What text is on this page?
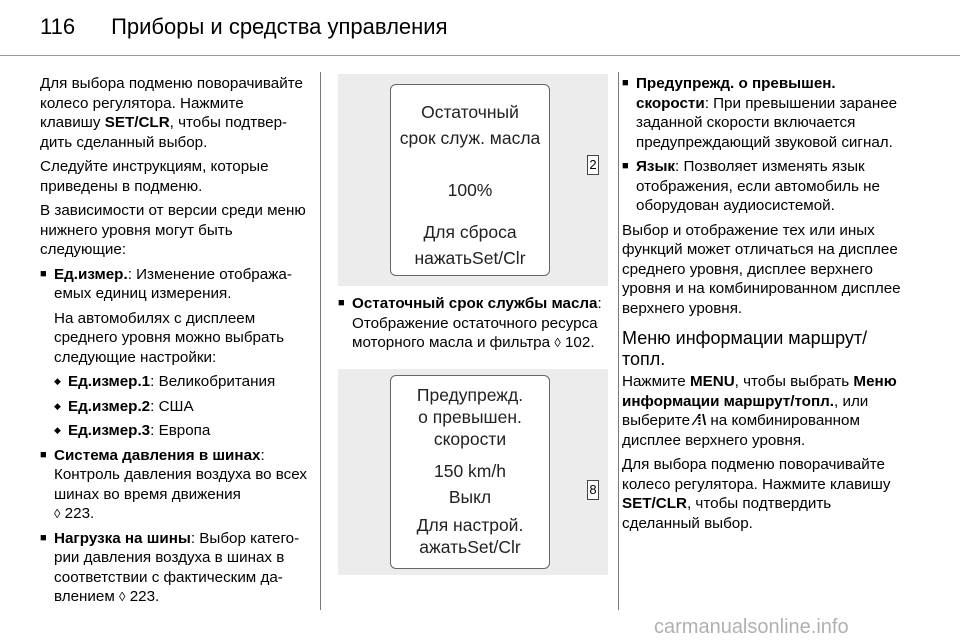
116 Приборы и средства управления

Для выбора подменю поворачивайте колесо регулятора. Нажмите клавишу SET/CLR, чтобы подтвердить сделанный выбор.

Следуйте инструкциям, которые приведены в подменю.

В зависимости от версии среди меню нижнего уровня могут быть следующие:

■ Ед.измер.: Изменение отображаемых единиц измерения.
На автомобилях с дисплеем среднего уровня можно выбрать следующие настройки:
◆ Ед.измер.1: Великобритания
◆ Ед.измер.2: США
◆ Ед.измер.3: Европа
■ Система давления в шинах: Контроль давления воздуха во всех шинах во время движения
◊ 223.
■ Нагрузка на шины: Выбор категории давления воздуха в шинах в соответствии с фактическим давлением ◊ 223.
Остаточный
срок служ. масла
2
100%
Для сброса
нажатьSet/Clr
■ Остаточный срок службы масла: Отображение остаточного ресурса моторного масла и фильтра ◊ 102.
Предупрежд.
о превышен.
скорости
150 km/h
8
Выкл
Для настрой.
ажатьSet/Clr
■ Предупрежд. о превышен. скорости: При превышении заранее заданной скорости включается предупреждающий звуковой сигнал.
■ Язык: Позволяет изменять язык отображения, если автомобиль не оборудован аудиосистемой.

Выбор и отображение тех или иных функций может отличаться на дисплее среднего уровня, дисплее верхнего уровня и на комбинированном дисплее верхнего уровня.

Меню информации маршрут/ топл.

Нажмите MENU, чтобы выбрать Меню информации маршрут/топл., или выберите ⁄⁞\ на комбинированном дисплее верхнего уровня.

Для выбора подменю поворачивайте колесо регулятора. Нажмите клавишу SET/CLR, чтобы подтвердить сделанный выбор.

carmanualsonline.info
